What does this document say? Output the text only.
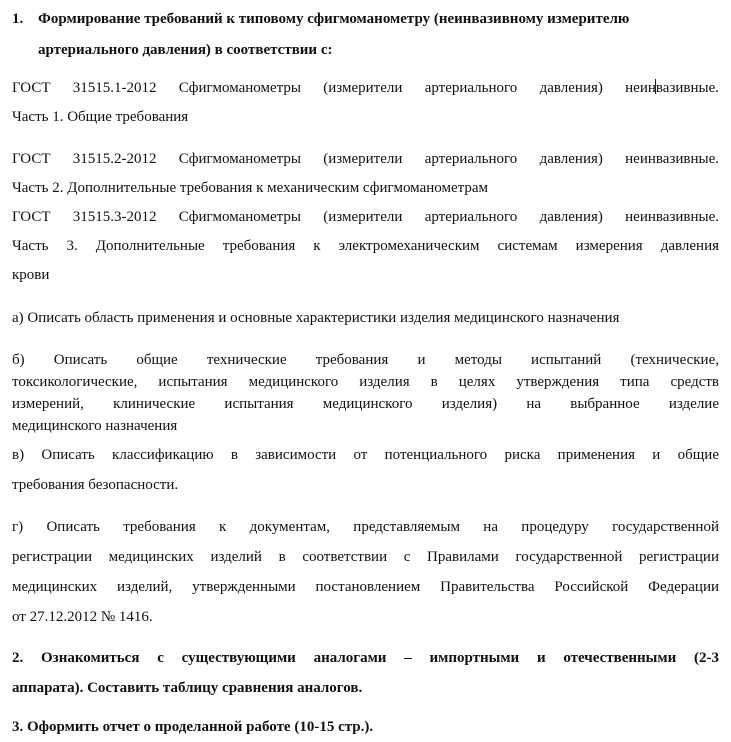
1. Формирование требований к типовому сфигмоманометру (неинвазивному измерителю
артериального давления) в соответствии с:
ГОСТ 31515.1-2012 Сфигмоманометры (измерители артериального давления) неинвазивные.
Часть 1. Общие требования
ГОСТ 31515.2-2012 Сфигмоманометры (измерители артериального давления) неинвазивные.
Часть 2. Дополнительные требования к механическим сфигмоманометрам
ГОСТ 31515.3-2012 Сфигмоманометры (измерители артериального давления) неинвазивные.
Часть 3. Дополнительные требования к электромеханическим системам измерения давления
крови
а) Описать область применения и основные характеристики изделия медицинского назначения
б) Описать общие технические требования и методы испытаний (технические,
токсикологические, испытания медицинского изделия в целях утверждения типа средств
измерений, клинические испытания медицинского изделия) на выбранное изделие
медицинского назначения
в) Описать классификацию в зависимости от потенциального риска применения и общие
требования безопасности.
г) Описать требования к документам, представляемым на процедуру государственной
регистрации медицинских изделий в соответствии с Правилами государственной регистрации
медицинских изделий, утвержденными постановлением Правительства Российской Федерации
от 27.12.2012 № 1416.
2. Ознакомиться с существующими аналогами – импортными и отечественными (2-3
аппарата). Составить таблицу сравнения аналогов.
3. Оформить отчет о проделанной работе (10-15 стр.).
